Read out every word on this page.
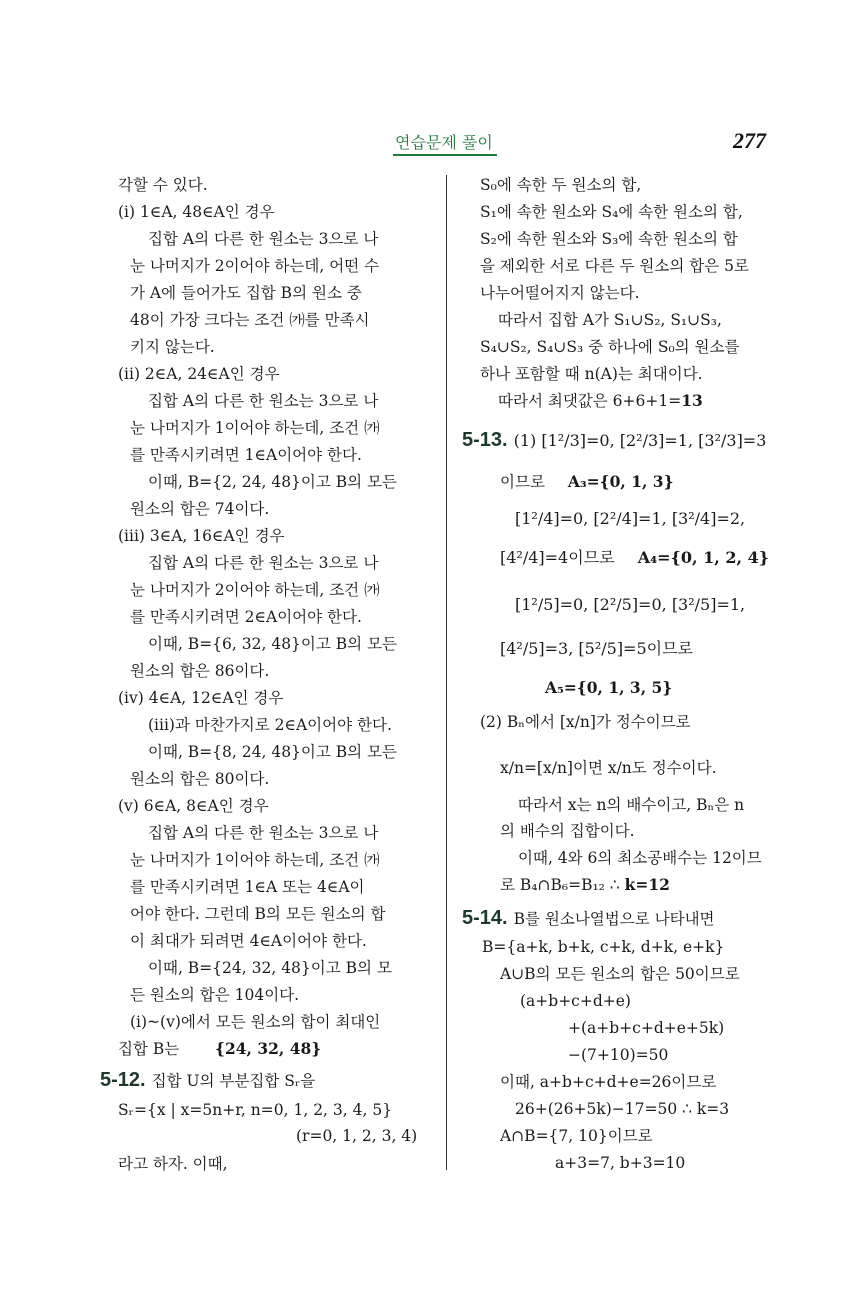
연습문제 풀이	277
각할 수 있다.
(i) 1∈A, 48∈A인 경우
집합 A의 다른 한 원소는 3으로 나
눈 나머지가 2이어야 하는데, 어떤 수
가 A에 들어가도 집합 B의 원소 중
48이 가장 크다는 조건 ㈎를 만족시
키지 않는다.
(ii) 2∈A, 24∈A인 경우
집합 A의 다른 한 원소는 3으로 나
눈 나머지가 1이어야 하는데, 조건 ㈎
를 만족시키려면 1∈A이어야 한다.
이때, B={2, 24, 48}이고 B의 모든
원소의 합은 74이다.
(iii) 3∈A, 16∈A인 경우
집합 A의 다른 한 원소는 3으로 나
눈 나머지가 2이어야 하는데, 조건 ㈎
를 만족시키려면 2∈A이어야 한다.
이때, B={6, 32, 48}이고 B의 모든
원소의 합은 86이다.
(iv) 4∈A, 12∈A인 경우
(iii)과 마찬가지로 2∈A이어야 한다.
이때, B={8, 24, 48}이고 B의 모든
원소의 합은 80이다.
(v) 6∈A, 8∈A인 경우
집합 A의 다른 한 원소는 3으로 나
눈 나머지가 1이어야 하는데, 조건 ㈎
를 만족시키려면 1∈A 또는 4∈A이
어야 한다. 그런데 B의 모든 원소의 합
이 최대가 되려면 4∈A이어야 한다.
이때, B={24, 32, 48}이고 B의 모
든 원소의 합은 104이다.
(i)~(v)에서 모든 원소의 합이 최대인
집합 B는 {24, 32, 48}
5-12. 집합 U의 부분집합 Sᵣ을
Sᵣ={x | x=5n+r, n=0, 1, 2, 3, 4, 5}
(r=0, 1, 2, 3, 4)
라고 하자. 이때,
S₀에 속한 두 원소의 합,
S₁에 속한 원소와 S₄에 속한 원소의 합,
S₂에 속한 원소와 S₃에 속한 원소의 합
을 제외한 서로 다른 두 원소의 합은 5로
나누어떨어지지 않는다.
따라서 집합 A가 S₁∪S₂, S₁∪S₃,
S₄∪S₂, S₄∪S₃ 중 하나에 S₀의 원소를
하나 포함할 때 n(A)는 최대이다.
따라서 최댓값은 6+6+1=13
5-13. (1) [1²/3]=0, [2²/3]=1, [3²/3]=3
이므로 A₃={0, 1, 3}
[1²/4]=0, [2²/4]=1, [3²/4]=2,
[4²/4]=4이므로 A₄={0, 1, 2, 4}
[1²/5]=0, [2²/5]=0, [3²/5]=1,
[4²/5]=3, [5²/5]=5이므로
A₅={0, 1, 3, 5}
(2) Bₙ에서 [x/n]가 정수이므로
x/n=[x/n]이면 x/n도 정수이다.
따라서 x는 n의 배수이고, Bₙ은 n
의 배수의 집합이다.
이때, 4와 6의 최소공배수는 12이므
로 B₄∩B₆=B₁₂ ∴ k=12
5-14. B를 원소나열법으로 나타내면
B={a+k, b+k, c+k, d+k, e+k}
A∪B의 모든 원소의 합은 50이므로
(a+b+c+d+e)
+(a+b+c+d+e+5k)
−(7+10)=50
이때, a+b+c+d+e=26이므로
26+(26+5k)−17=50 ∴ k=3
A∩B={7, 10}이므로
a+3=7, b+3=10
